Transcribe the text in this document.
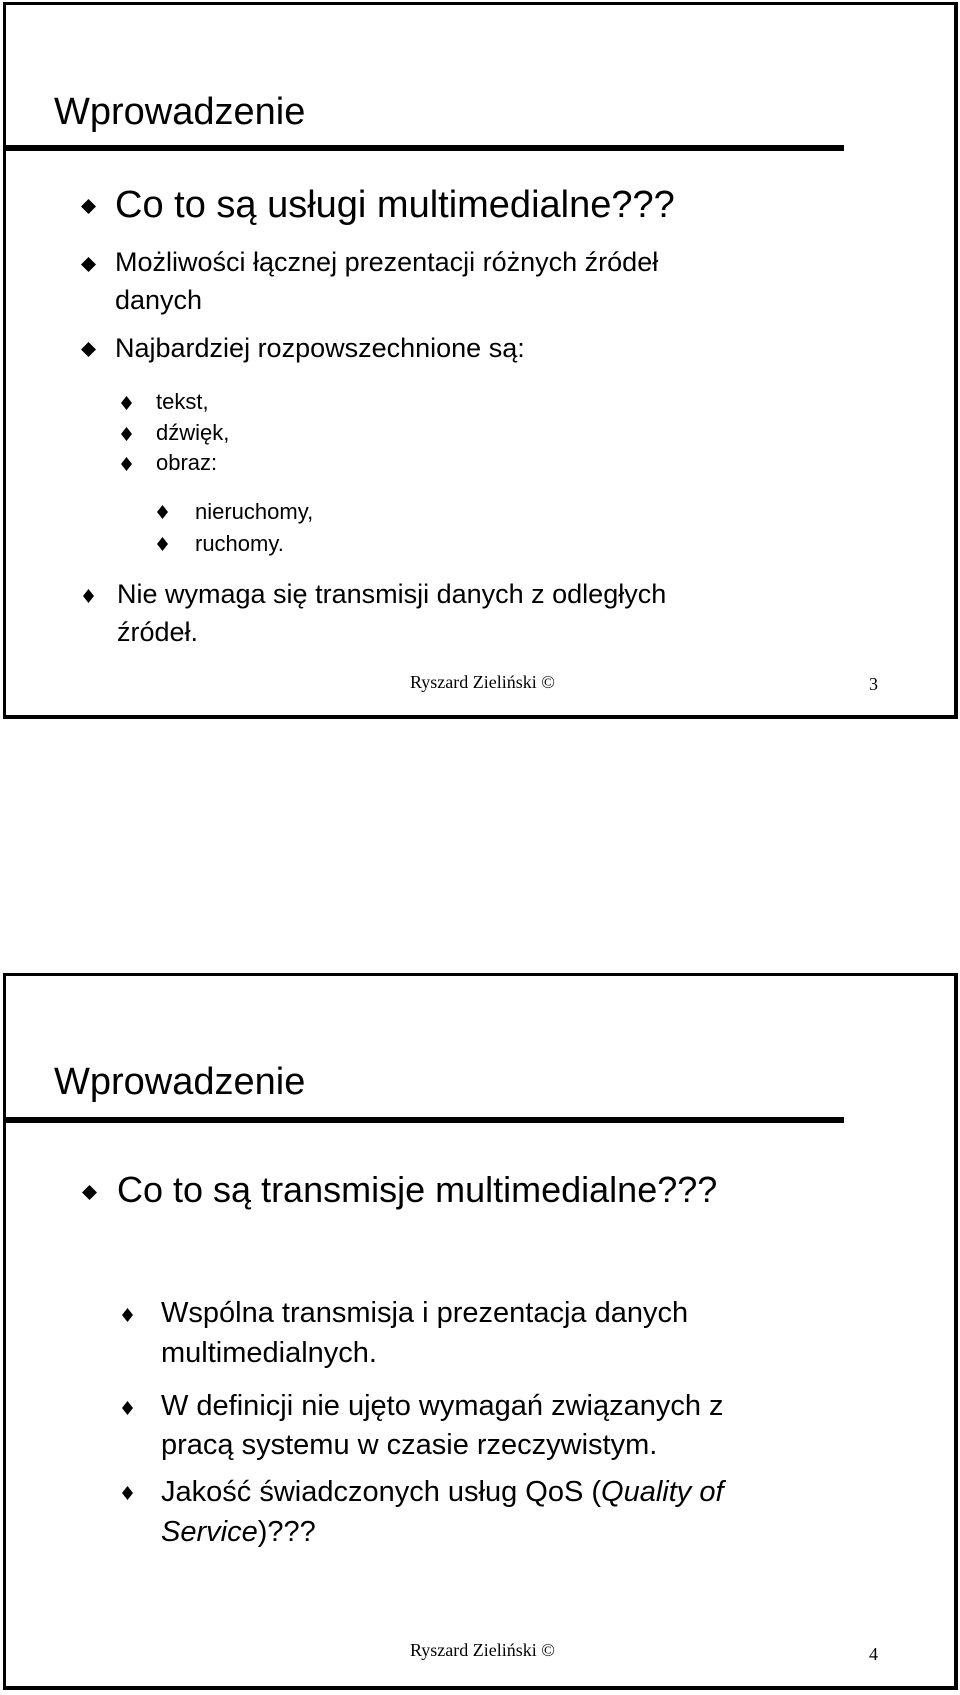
Wprowadzenie
Co to są usługi multimedialne???
Możliwości łącznej prezentacji różnych źródeł
danych
Najbardziej rozpowszechnione są:
tekst,
dźwięk,
obraz:
nieruchomy,
ruchomy.
Nie wymaga się transmisji danych z odległych
źródeł.
Ryszard Zieliński ©	3
Wprowadzenie
Co to są transmisje multimedialne???
Wspólna transmisja i prezentacja danych
multimedialnych.
W definicji nie ujęto wymagań związanych z
pracą systemu w czasie rzeczywistym.
Jakość świadczonych usług QoS (Quality of
Service)???
Ryszard Zieliński ©	4
